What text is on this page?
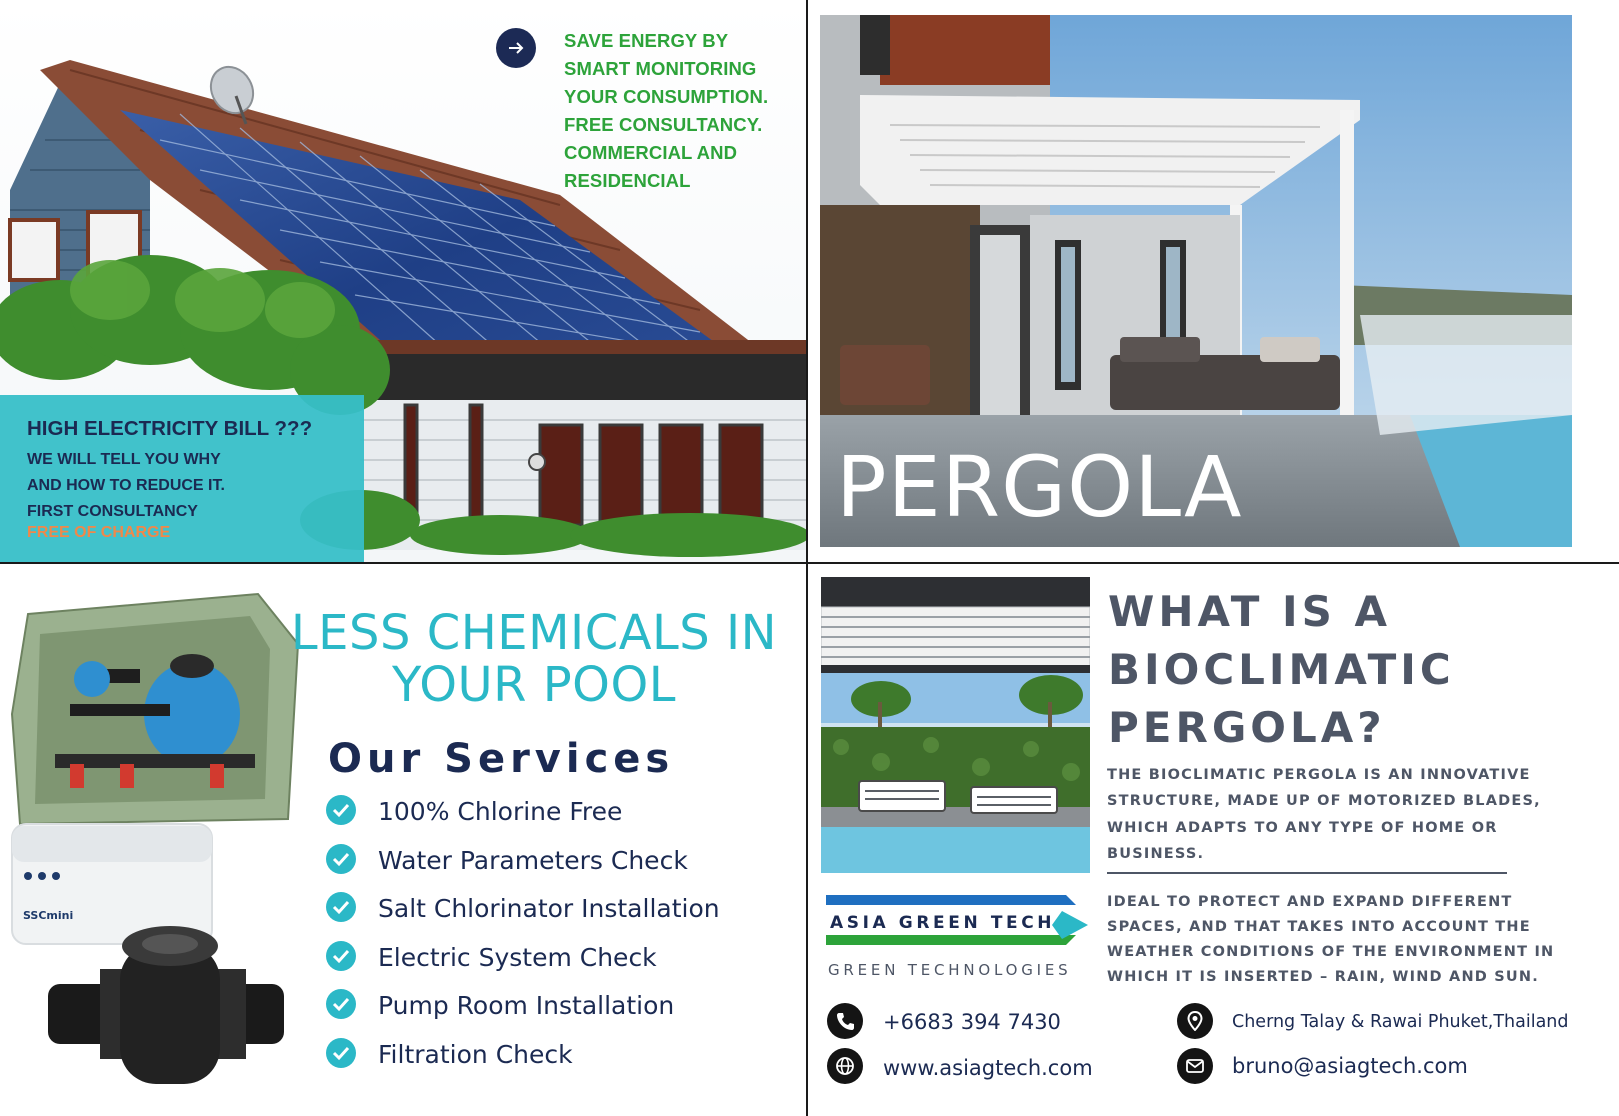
SAVE ENERGY BY
SMART MONITORING
YOUR CONSUMPTION.
FREE CONSULTANCY.
COMMERCIAL AND
RESIDENCIAL
HIGH ELECTRICITY BILL ???
WE WILL TELL YOU WHY
AND HOW TO REDUCE IT.
FIRST CONSULTANCY
FREE OF CHARGE	PERGOLA
SSCmini
LESS CHEMICALS IN YOUR POOL
Our Services
100% Chlorine Free
Water Parameters Check
Salt Chlorinator Installation
Electric System Check
Pump Room Installation
Filtration Check
WHAT IS A
BIOCLIMATIC
PERGOLA?
THE BIOCLIMATIC PERGOLA IS AN INNOVATIVE
STRUCTURE, MADE UP OF MOTORIZED BLADES,
WHICH ADAPTS TO ANY TYPE OF HOME OR
BUSINESS.
IDEAL TO PROTECT AND EXPAND DIFFERENT
SPACES, AND THAT TAKES INTO ACCOUNT THE
WEATHER CONDITIONS OF THE ENVIRONMENT IN
WHICH IT IS INSERTED – RAIN, WIND AND SUN.
ASIA GREEN TECH
GREEN TECHNOLOGIES
+6683 394 7430
www.asiagtech.com
Cherng Talay & Rawai Phuket,Thailand
bruno@asiagtech.com
